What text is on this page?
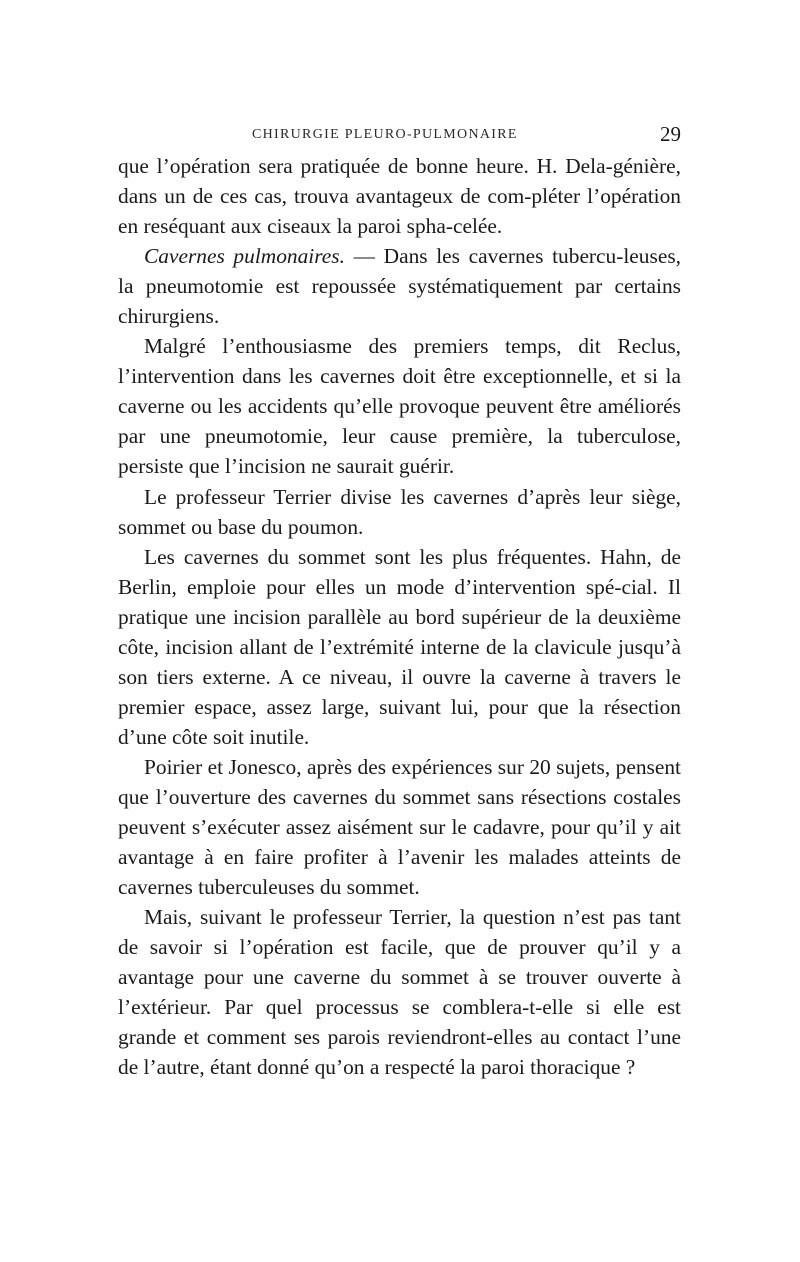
CHIRURGIE PLEURO-PULMONAIRE	29

que l’opération sera pratiquée de bonne heure. H. Dela-génière, dans un de ces cas, trouva avantageux de com-pléter l’opération en reséquant aux ciseaux la paroi spha-celée.

Cavernes pulmonaires. — Dans les cavernes tubercu-leuses, la pneumotomie est repoussée systématiquement par certains chirurgiens.

Malgré l’enthousiasme des premiers temps, dit Reclus, l’intervention dans les cavernes doit être exceptionnelle, et si la caverne ou les accidents qu’elle provoque peuvent être améliorés par une pneumotomie, leur cause première, la tuberculose, persiste que l’incision ne saurait guérir.

Le professeur Terrier divise les cavernes d’après leur siège, sommet ou base du poumon.

Les cavernes du sommet sont les plus fréquentes. Hahn, de Berlin, emploie pour elles un mode d’intervention spé-cial. Il pratique une incision parallèle au bord supérieur de la deuxième côte, incision allant de l’extrémité interne de la clavicule jusqu’à son tiers externe. A ce niveau, il ouvre la caverne à travers le premier espace, assez large, suivant lui, pour que la résection d’une côte soit inutile.

Poirier et Jonesco, après des expériences sur 20 sujets, pensent que l’ouverture des cavernes du sommet sans résections costales peuvent s’exécuter assez aisément sur le cadavre, pour qu’il y ait avantage à en faire profiter à l’avenir les malades atteints de cavernes tuberculeuses du sommet.

Mais, suivant le professeur Terrier, la question n’est pas tant de savoir si l’opération est facile, que de prouver qu’il y a avantage pour une caverne du sommet à se trouver ouverte à l’extérieur. Par quel processus se comblera-t-elle si elle est grande et comment ses parois reviendront-elles au contact l’une de l’autre, étant donné qu’on a respecté la paroi thoracique ?
